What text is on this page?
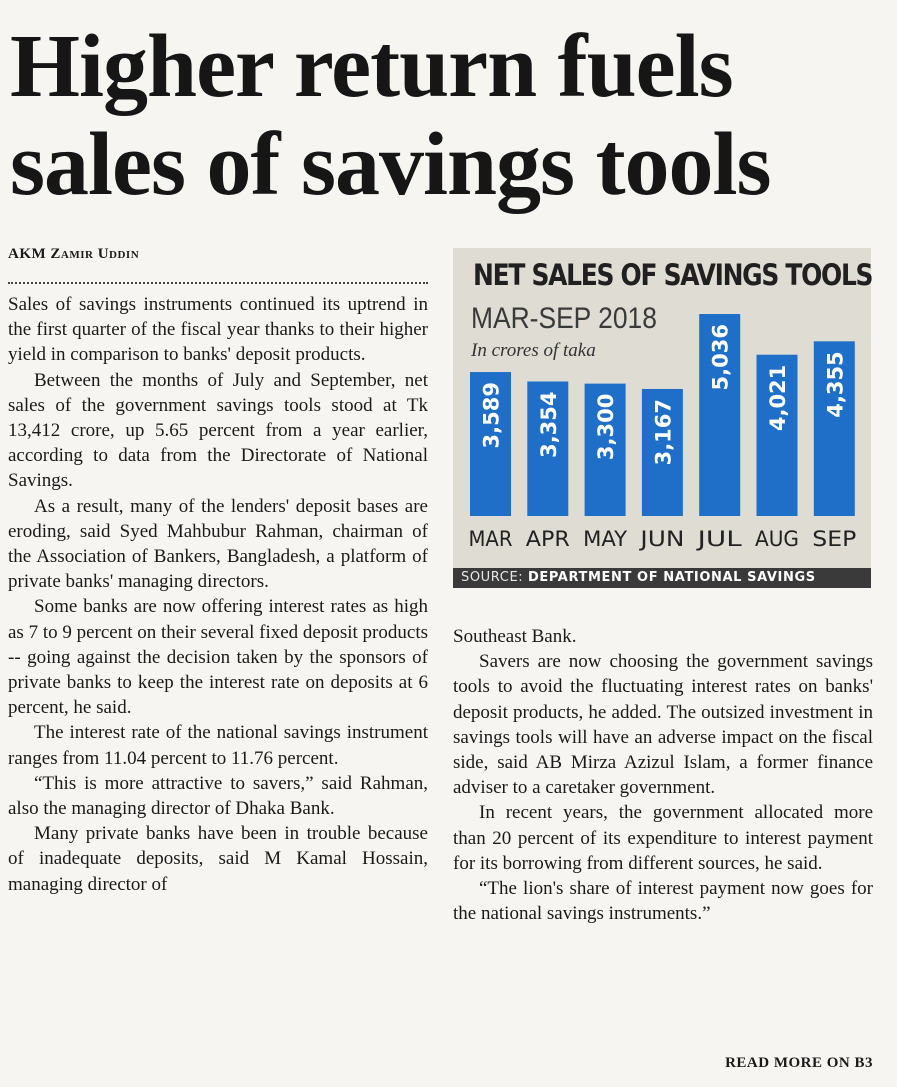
Higher return fuels
sales of savings tools
AKM Zamir Uddin

Sales of savings instruments continued its uptrend in the first quarter of the fiscal year thanks to their higher yield in comparison to banks' deposit products.

Between the months of July and September, net sales of the government savings tools stood at Tk 13,412 crore, up 5.65 percent from a year earlier, according to data from the Directorate of National Savings.

As a result, many of the lenders' deposit bases are eroding, said Syed Mahbubur Rahman, chairman of the Association of Bankers, Bangladesh, a platform of private banks' managing directors.

Some banks are now offering interest rates as high as 7 to 9 percent on their several fixed deposit products -- going against the decision taken by the sponsors of private banks to keep the interest rate on deposits at 6 percent, he said.

The interest rate of the national savings instrument ranges from 11.04 percent to 11.76 percent.

“This is more attractive to savers,” said Rahman, also the managing director of Dhaka Bank.

Many private banks have been in trouble because of inadequate deposits, said M Kamal Hossain, managing director of

NET SALES OF SAVINGS TOOLS
MAR-SEP 2018
In crores of taka
3,589
MAR
3,354
APR
3,300
MAY
3,167
JUN
5,036
JUL
4,021
AUG
4,355
SEP
SOURCE: DEPARTMENT OF NATIONAL SAVINGS

Southeast Bank.

Savers are now choosing the government savings tools to avoid the fluctuating interest rates on banks' deposit products, he added. The outsized investment in savings tools will have an adverse impact on the fiscal side, said AB Mirza Azizul Islam, a former finance adviser to a caretaker government.

In recent years, the government allocated more than 20 percent of its expenditure to interest payment for its borrowing from different sources, he said.

“The lion's share of interest payment now goes for the national savings instruments.”

READ MORE ON B3
